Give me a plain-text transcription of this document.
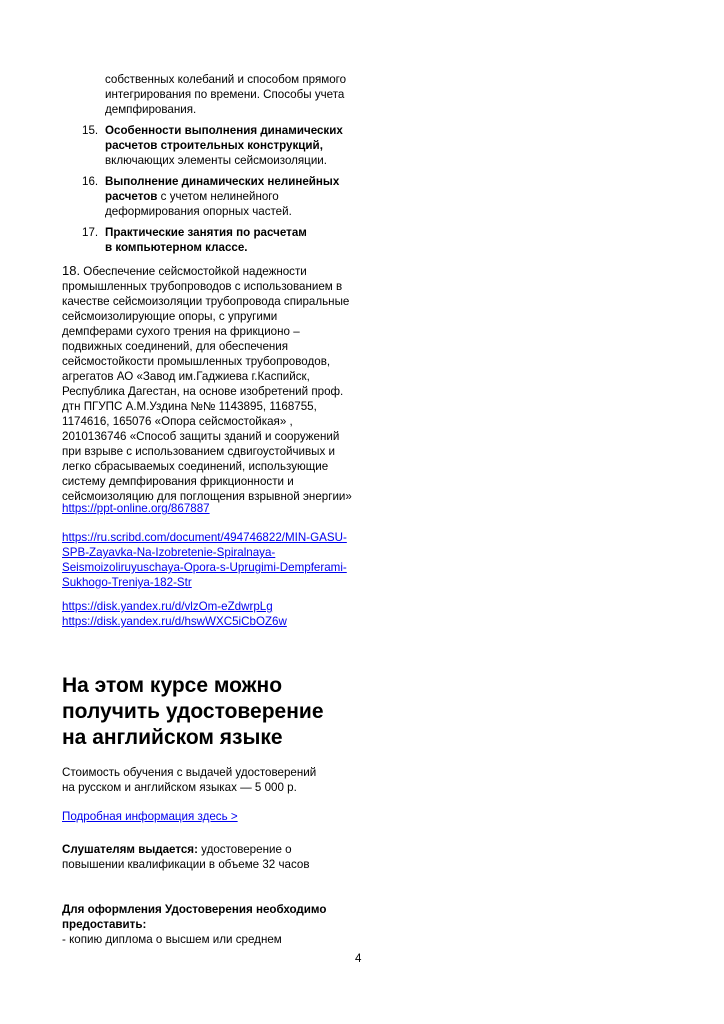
собственных колебаний и способом прямого
интегрирования по времени. Способы учета
демпфирования.
15. Особенности выполнения динамических
расчетов строительных конструкций,
включающих элементы сейсмоизоляции.
16. Выполнение динамических нелинейных
расчетов с учетом нелинейного
деформирования опорных частей.
17. Практические занятия по расчетам
в компьютерном классе.
18. Обеспечение сейсмостойкой надежности
промышленных трубопроводов с использованием в
качестве сейсмоизоляции трубопровода спиральные
сейсмоизолирующие опоры, с упругими
демпферами сухого трения на фрикционо –
подвижных соединений, для обеспечения
сейсмостойкости промышленных трубопроводов,
агрегатов АО «Завод им.Гаджиева г.Каспийск,
Республика Дагестан, на основе изобретений проф.
дтн ПГУПС А.М.Уздина №№ 1143895, 1168755,
1174616, 165076 «Опора сейсмостойкая» ,
2010136746 «Способ защиты зданий и сооружений
при взрыве с использованием сдвигоустойчивых и
легко сбрасываемых соединений, использующие
систему демпфирования фрикционности и
сейсмоизоляцию для поглощения взрывной энергии»
https://ppt-online.org/867887
https://ru.scribd.com/document/494746822/MIN-GASU-
SPB-Zayavka-Na-Izobretenie-Spiralnaya-
Seismoizoliruyuschaya-Opora-s-Uprugimi-Dempferami-
Sukhogo-Treniya-182-Str
https://disk.yandex.ru/d/vlzOm-eZdwrpLg
https://disk.yandex.ru/d/hswWXC5iCbOZ6w
На этом курсе можно
получить удостоверение
на английском языке
Стоимость обучения с выдачей удостоверений
на русском и английском языках — 5 000 р.
Подробная информация здесь >
Слушателям выдается: удостоверение о
повышении квалификации в объеме 32 часов
Для оформления Удостоверения необходимо
предоставить:
- копию диплома о высшем или среднем
4
